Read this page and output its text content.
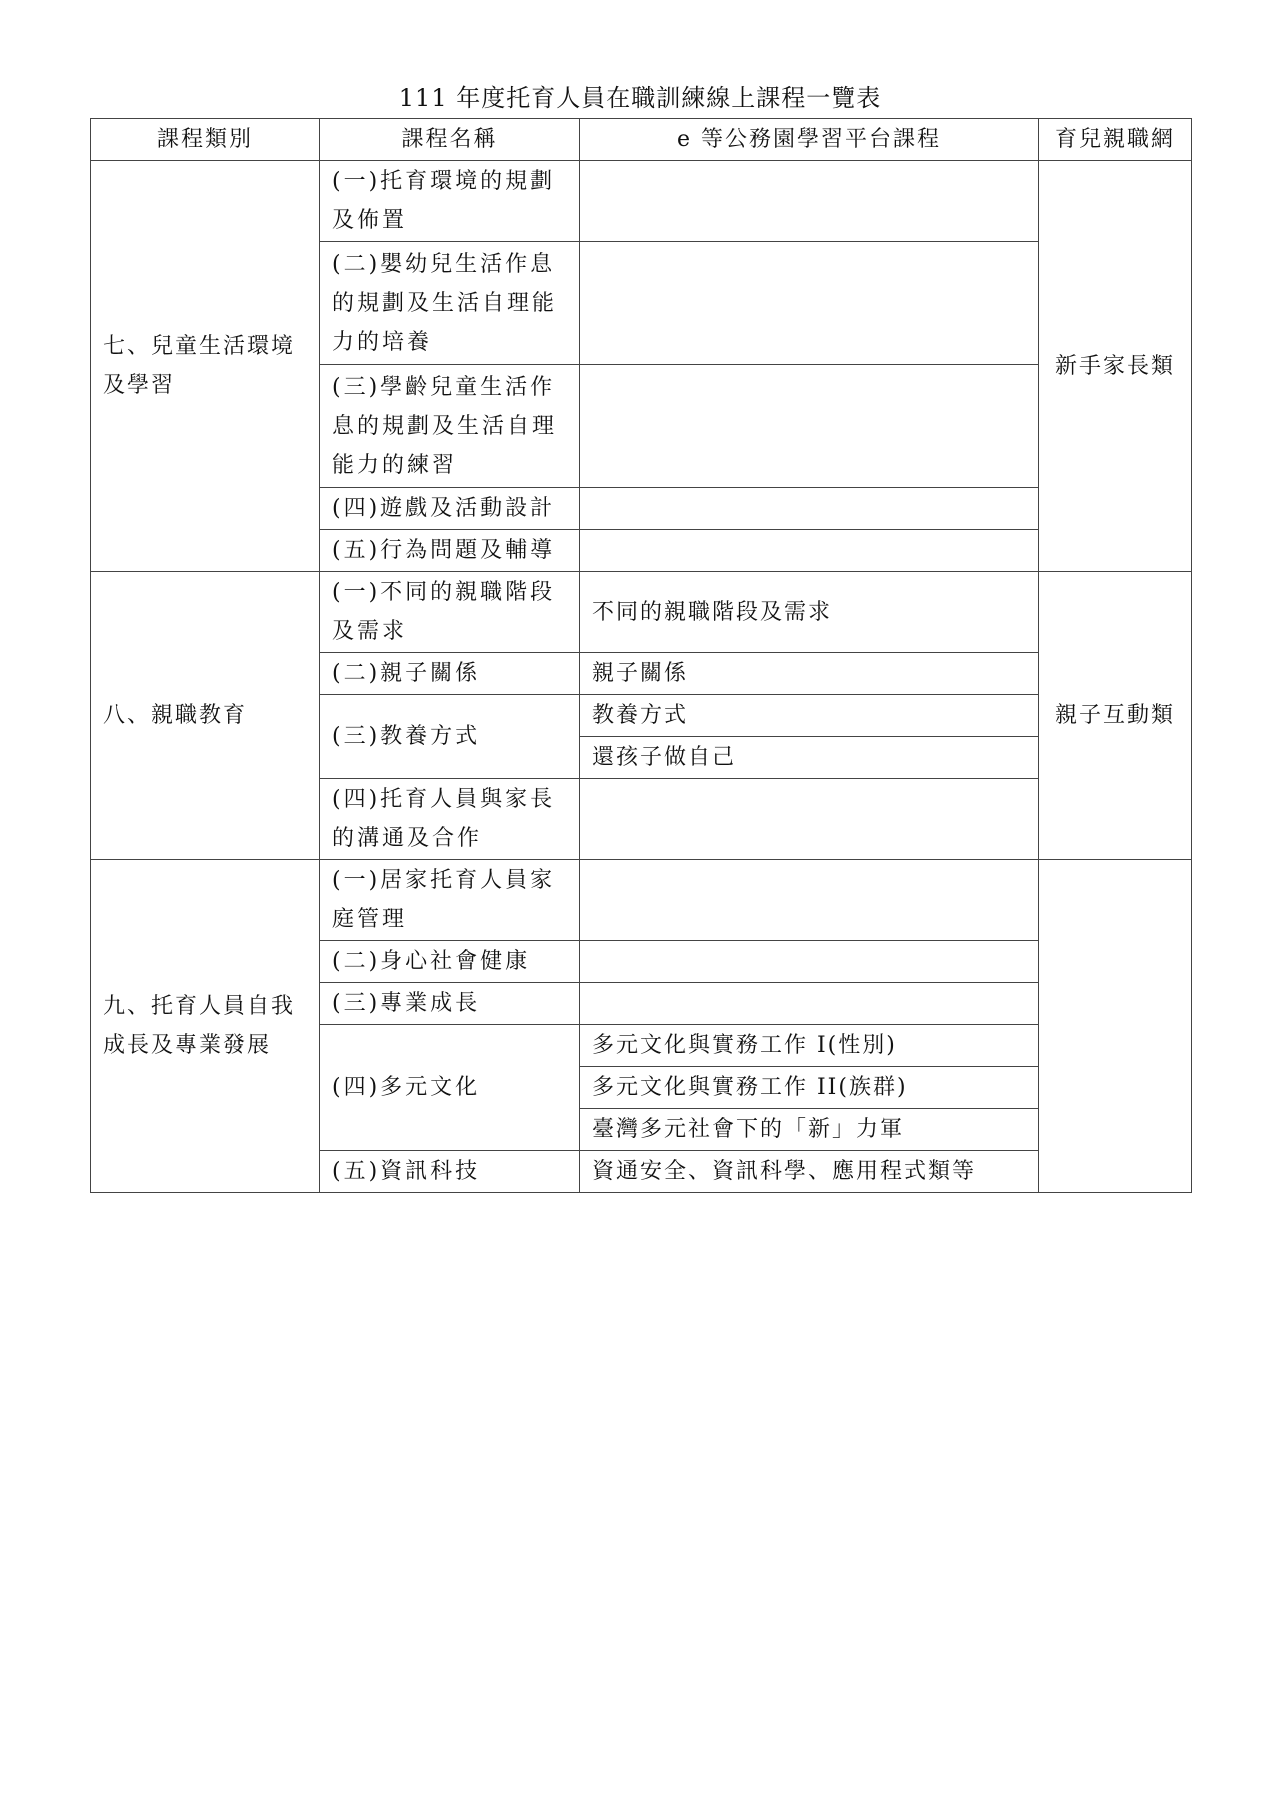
111 年度托育人員在職訓練線上課程一覽表
課程類別	課程名稱	e 等公務園學習平台課程	育兒親職網
七、兒童生活環境及學習	(一)托育環境的規劃及佈置		新手家長類
	(二)嬰幼兒生活作息的規劃及生活自理能力的培養		
	(三)學齡兒童生活作息的規劃及生活自理能力的練習		
	(四)遊戲及活動設計		
	(五)行為問題及輔導		
八、親職教育	(一)不同的親職階段及需求	不同的親職階段及需求	親子互動類
	(二)親子關係	親子關係	
	(三)教養方式	教養方式	
		還孩子做自己	
	(四)托育人員與家長的溝通及合作		
九、托育人員自我成長及專業發展	(一)居家托育人員家庭管理		
	(二)身心社會健康		
	(三)專業成長		
	(四)多元文化	多元文化與實務工作 I(性別)	
		多元文化與實務工作 II(族群)	
		臺灣多元社會下的「新」力軍	
	(五)資訊科技	資通安全、資訊科學、應用程式類等	
